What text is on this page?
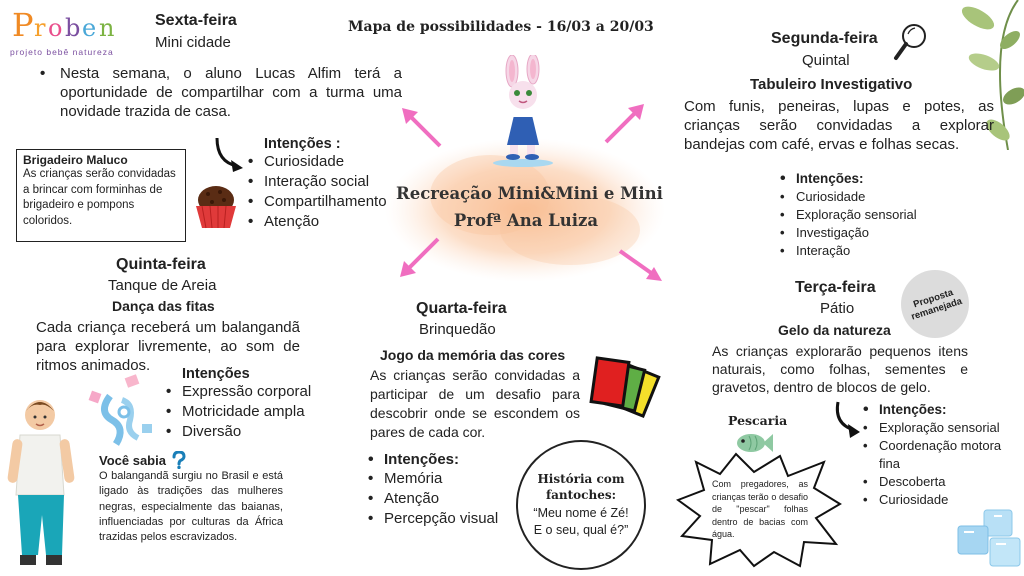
P r o b e n
projeto bebê natureza
Mapa de possibilidades - 16/03 a 20/03
Recreação Mini&Mini e Mini
Profª Ana Luiza
Sexta-feira
Mini cidade
• Nesta semana, o aluno Lucas Alfim terá a oportunidade de compartilhar com a turma uma novidade trazida de casa.
Intenções :
• Curiosidade
• Interação social
• Compartilhamento
• Atenção
Brigadeiro Maluco
As crianças serão convidadas a brincar com forminhas de brigadeiro e pompons coloridos.
Quinta-feira
Tanque de Areia
Dança das fitas
Cada criança receberá um balangandã para explorar livremente, ao som de ritmos animados.	Intenções
• Expressão corporal
• Motricidade ampla
• Diversão
Você sabia
O balangandã surgiu no Brasil e está ligado às tradições das mulheres negras, especialmente das baianas, influenciadas por culturas da África trazidas pelos escravizados.
Quarta-feira
Brinquedão
Jogo da memória das cores
As crianças serão convidadas a participar de um desafio para descobrir onde se escondem os pares de cada cor.
• Intenções:
• Memória
• Atenção
• Percepção visual
História com fantoches:
“Meu nome é Zé! E o seu, qual é?”
Segunda-feira
Quintal
Tabuleiro Investigativo
Com funis, peneiras, lupas e potes, as crianças serão convidadas a explorar bandejas com café, ervas e folhas secas.
• Intenções:
• Curiosidade
• Exploração sensorial
• Investigação
• Interação
Terça-feira
Pátio	Proposta remanejada
Gelo da natureza
As crianças explorarão pequenos itens naturais, como folhas, sementes e gravetos, dentro de blocos de gelo.
• Intenções:
• Exploração sensorial
• Coordenação motora fina
• Descoberta
• Curiosidade
Pescaria
Com pregadores, as crianças terão o desafio de "pescar" folhas dentro de bacias com água.
